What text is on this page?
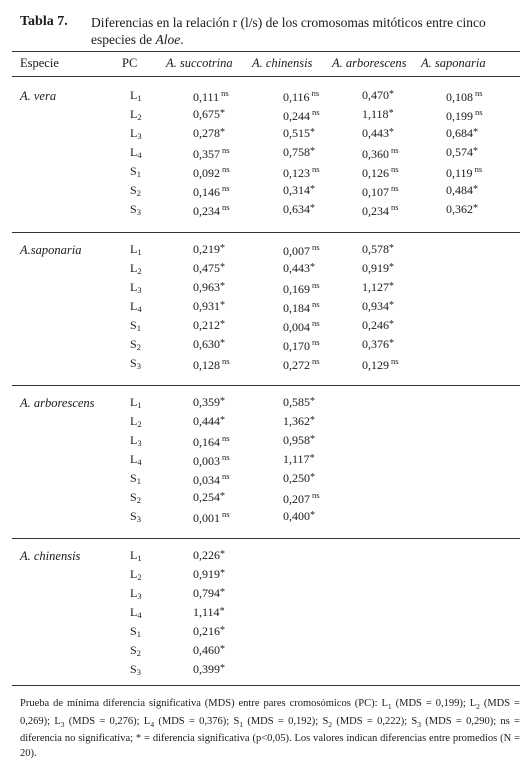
Tabla 7. Diferencias en la relación r (l/s) de los cromosomas mitóticos entre cinco especies de Aloe.
Especie	PC A. succotrina A. chinensis A. arborescens A. saponaria
A. vera	$L_1$	0,111 $^{ns}$	0,116 $^{ns}$	0,470*	0,108 $^{ns}$
$L_2$	0,675*	0,244 $^{ns}$	1,118*	0,199 $^{ns}$
$L_3$	0,278*	0,515*	0,443*	0,684*
$L_4$	0,357 $^{ns}$	0,758*	0,360 $^{ns}$	0,574*
$S_1$	0,092 $^{ns}$	0,123 $^{ns}$	0,126 $^{ns}$	0,119 $^{ns}$
$S_2$	0,146 $^{ns}$	0,314*	0,107 $^{ns}$	0,484*
$S_3$	0,234 $^{ns}$	0,634*	0,234 $^{ns}$	0,362*
A.saponaria	$L_1$	0,219*	0,007 $^{ns}$	0,578*
$L_2$	0,475*	0,443*	0,919*
$L_3$	0,963*	0,169 $^{ns}$	1,127*
$L_4$	0,931*	0,184 $^{ns}$	0,934*
$S_1$	0,212*	0,004 $^{ns}$	0,246*
$S_2$	0,630*	0,170 $^{ns}$	0,376*
$S_3$	0,128 $^{ns}$	0,272 $^{ns}$	0,129 $^{ns}$
A. arborescens	$L_1$	0,359*	0,585*
$L_2$	0,444*	1,362*
$L_3$	0,164 $^{ns}$	0,958*
$L_4$	0,003 $^{ns}$	1,117*
$S_1$	0,034 $^{ns}$	0,250*
$S_2$	0,254*	0,207 $^{ns}$
$S_3$	0,001 $^{ns}$	0,400*
A. chinensis	$L_1$	0,226*
$L_2$	0,919*
$L_3$	0,794*
$L_4$	1,114*
$S_1$	0,216*
$S_2$	0,460*
$S_3$	0,399*
Prueba de mínima diferencia significativa (MDS) entre pares cromosómicos (PC): $L_1$ (MDS = 0,199); $L_2$ (MDS = 0,269); $L_3$ (MDS = 0,276); $L_4$ (MDS = 0,376); $S_1$ (MDS = 0,192); $S_2$ (MDS = 0,222); $S_3$ (MDS = 0,290); ns = diferencia no significativa; * = diferencia significativa (p<0,05). Los valores indican diferencias entre promedios (N = 20).
